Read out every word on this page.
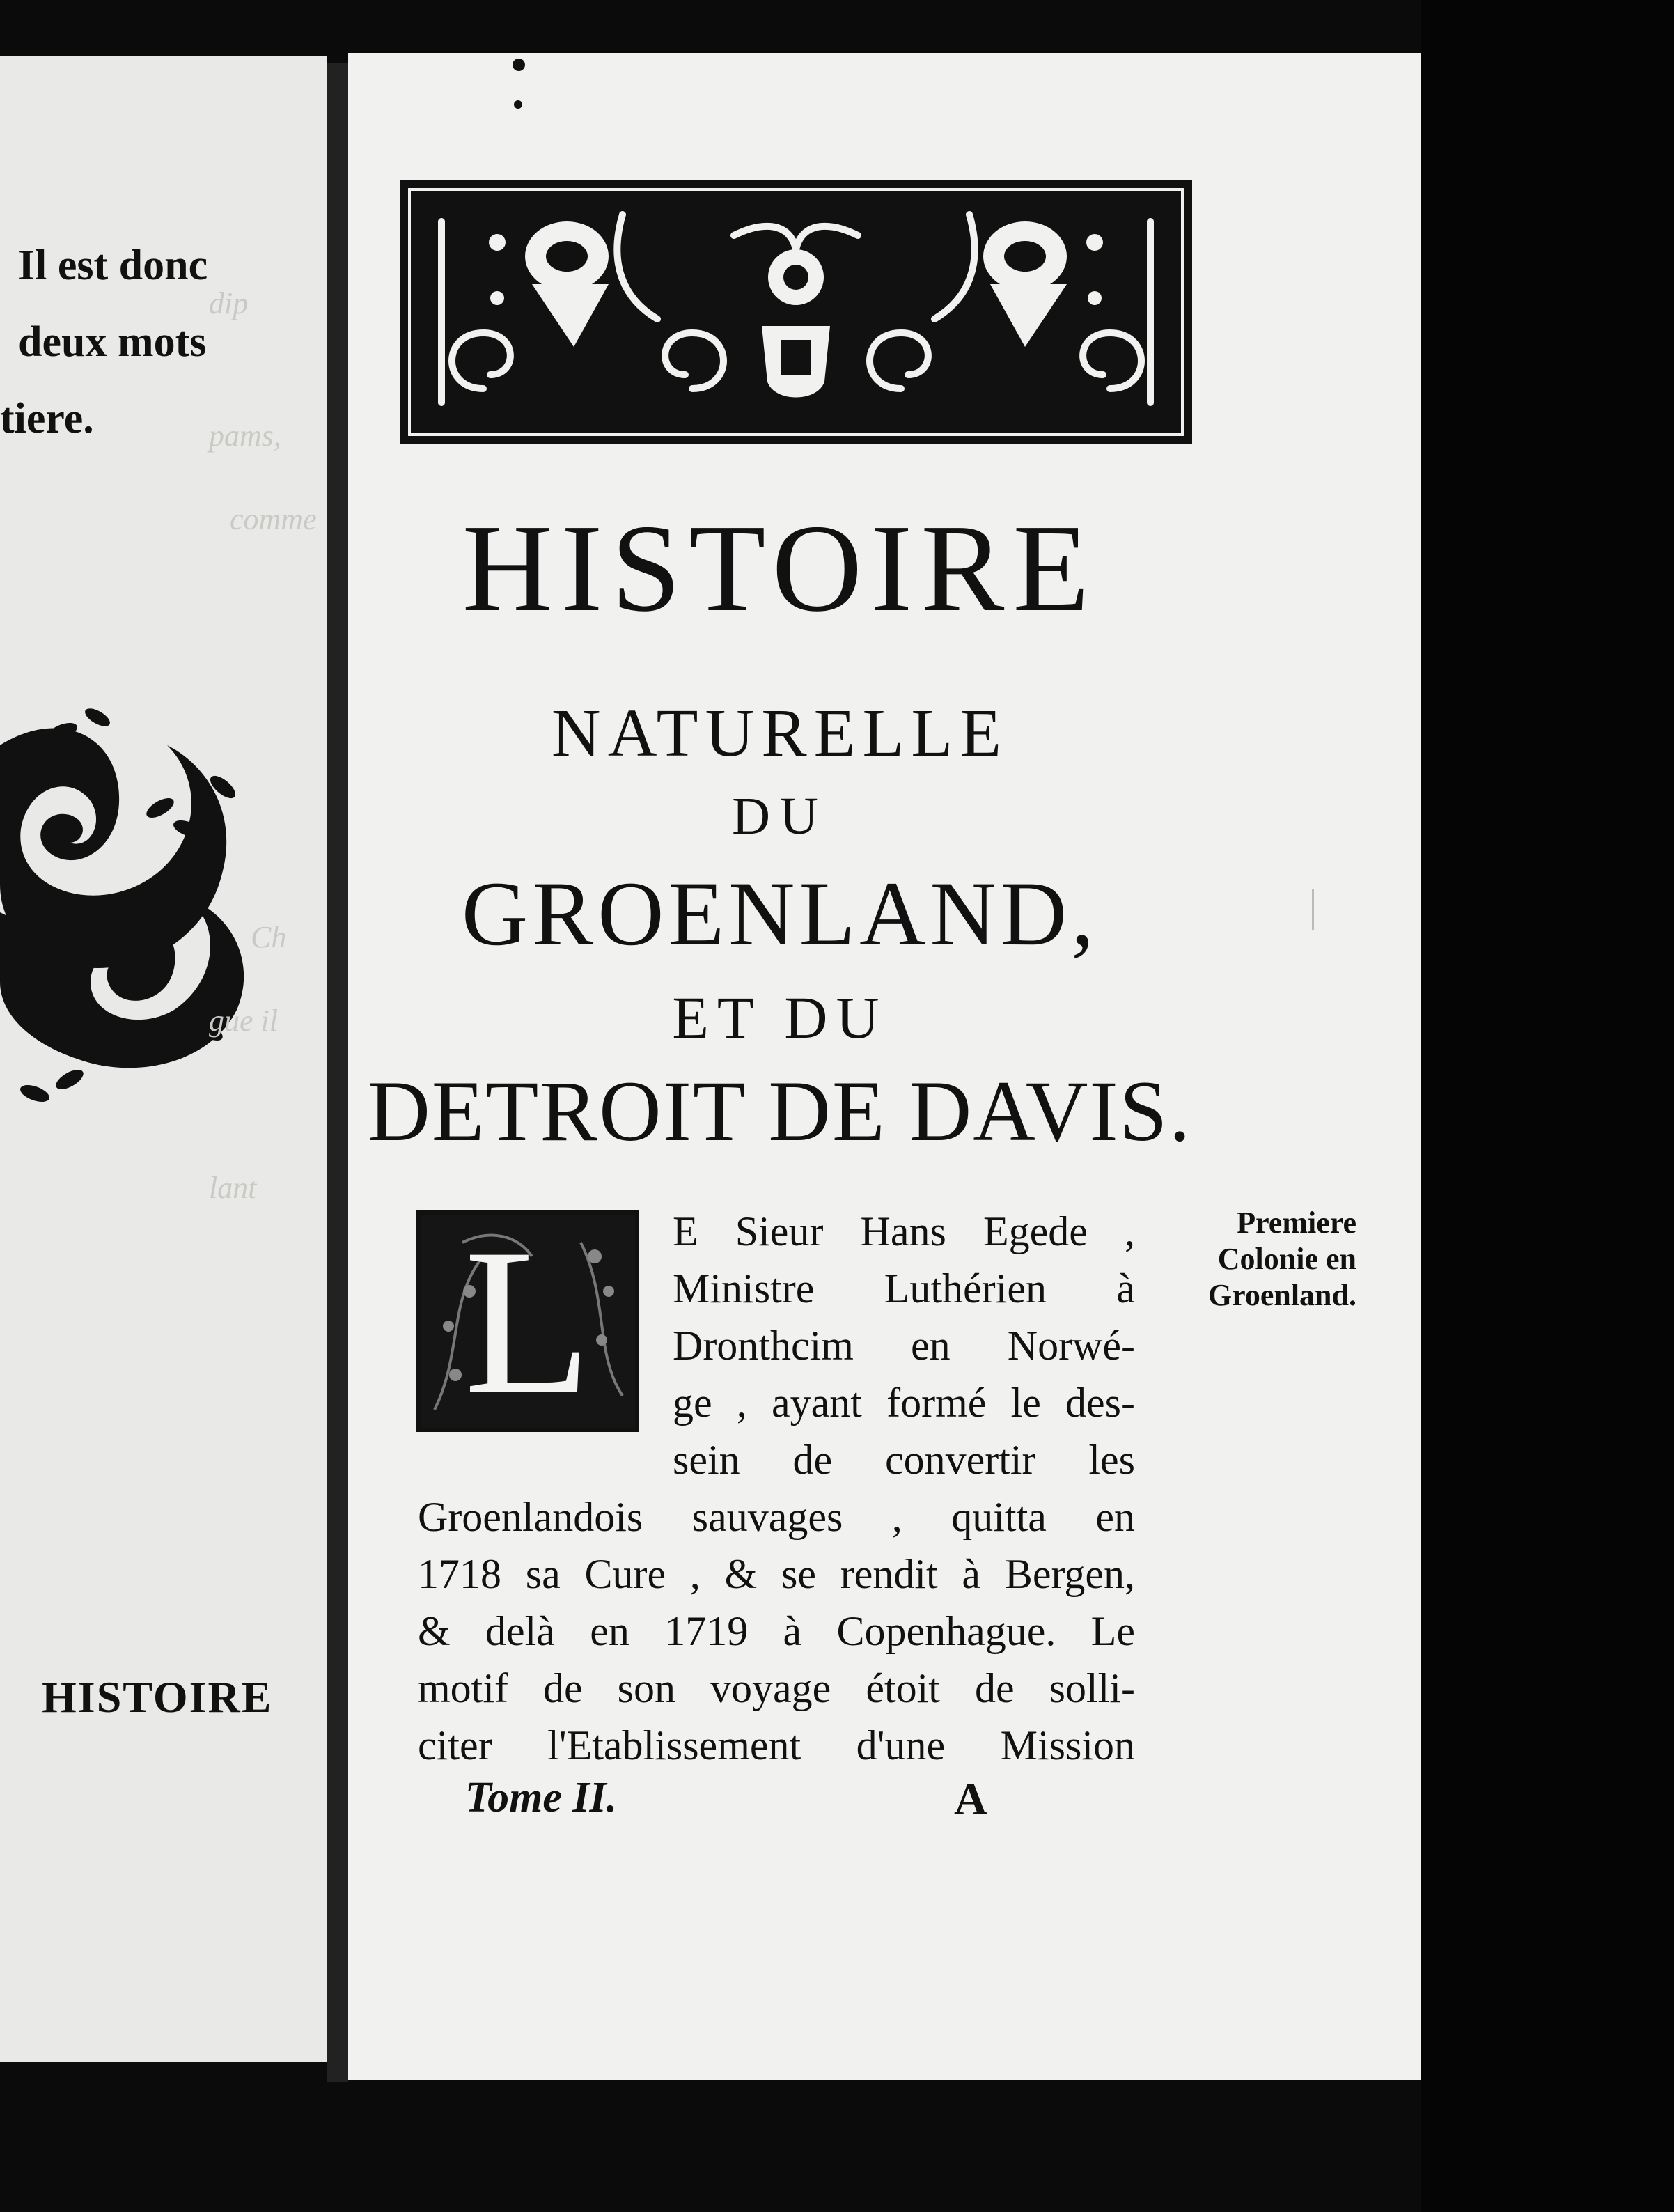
Il est donc
deux mots
tiere.
dip
pams,
comme
Ch
gue il
lant
HISTOIRE
HISTOIRE
NATURELLE
DU
GROENLAND,
ET DU
DETROIT DE DAVIS.
L	E Sieur Hans Egede ,
Ministre Luthérien à
Dronthcim en Norwé-
ge , ayant formé le des-
sein de convertir les
Groenlandois sauvages , quitta en
1718 sa Cure , & se rendit à Bergen,
& delà en 1719 à Copenhague. Le
motif de son voyage étoit de solli-
citer l'Etablissement d'une Mission
Premiere
Colonie en
Groenland.
Tome II.	A
